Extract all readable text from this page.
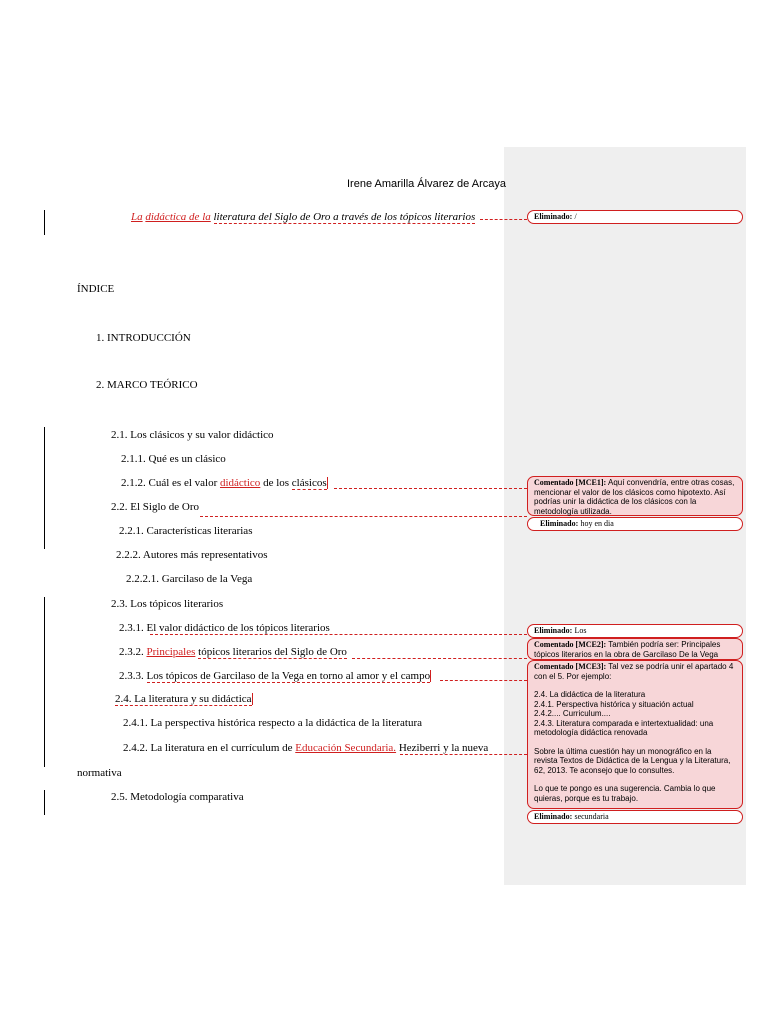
Irene Amarilla Álvarez de Arcaya
La didáctica de la literatura del Siglo de Oro a través de los tópicos literarios
ÍNDICE
1. INTRODUCCIÓN
2. MARCO TEÓRICO
2.1. Los clásicos y su valor didáctico
2.1.1. Qué es un clásico
2.1.2. Cuál es el valor didáctico de los clásicos
2.2. El Siglo de Oro
2.2.1. Características literarias
2.2.2. Autores más representativos
2.2.2.1. Garcilaso de la Vega
2.3. Los tópicos literarios
2.3.1. El valor didáctico de los tópicos literarios
2.3.2. Principales tópicos literarios del Siglo de Oro
2.3.3. Los tópicos de Garcilaso de la Vega en torno al amor y el campo
2.4. La literatura y su didáctica
2.4.1. La perspectiva histórica respecto a la didáctica de la literatura
2.4.2. La literatura en el currículum de Educación Secundaria. Heziberri y la nueva
normativa
2.5. Metodología comparativa
Eliminado: /
Comentado [MCE1]: Aquí convendría, entre otras cosas, mencionar el valor de los clásicos como hipotexto. Así podrías unir la didáctica de los clásicos con la metodología utilizada.
Eliminado: hoy en dia
Eliminado: Los
Comentado [MCE2]: También podría ser: Principales tópicos literarios en la obra de Garcilaso De la Vega
Comentado [MCE3]: Tal vez se podría unir el apartado 4 con el 5. Por ejemplo:
2.4. La didáctica de la literatura
2.4.1. Perspectiva histórica y situación actual
2.4.2.... Curriculum....
2.4.3. Literatura comparada e intertextualidad: una metodología didáctica renovada
Sobre la última cuestión hay un monográfico en la revista Textos de Didáctica de la Lengua y la Literatura, 62, 2013. Te aconsejo que lo consultes.
Lo que te pongo es una sugerencia. Cambia lo que quieras, porque es tu trabajo.
Eliminado: secundaria
